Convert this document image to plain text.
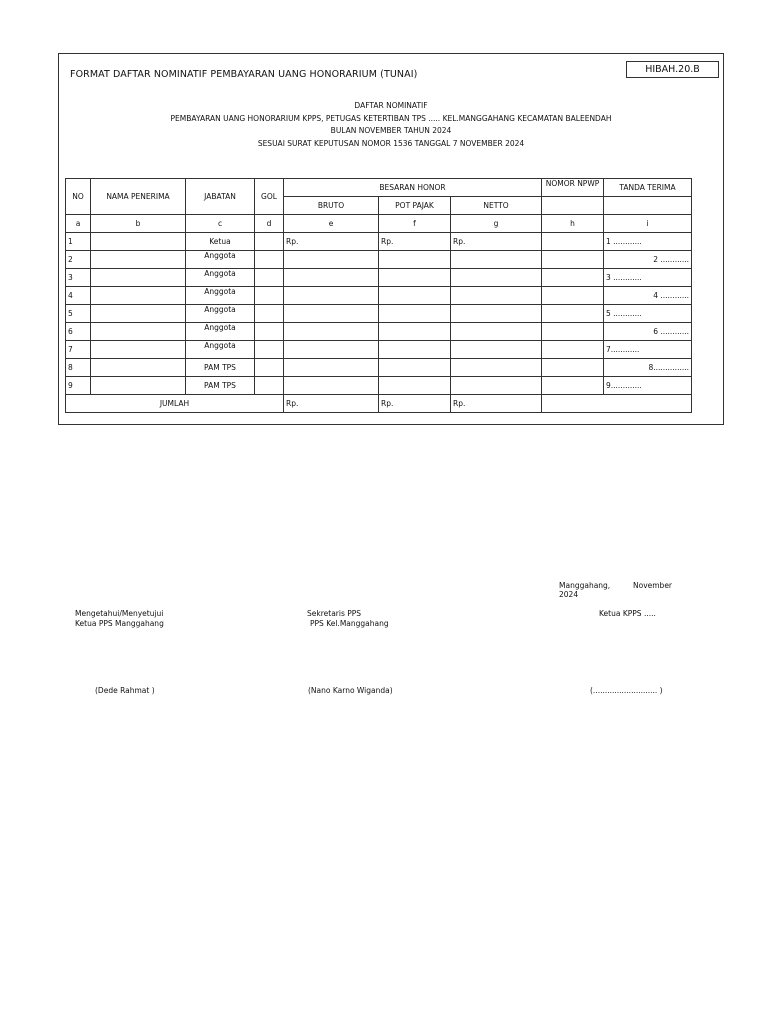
FORMAT DAFTAR NOMINATIF PEMBAYARAN UANG HONORARIUM (TUNAI)	HIBAH.20.B
DAFTAR NOMINATIF
PEMBAYARAN UANG HONORARIUM KPPS, PETUGAS KETERTIBAN TPS ..... KEL.MANGGAHANG KECAMATAN BALEENDAH
BULAN NOVEMBER TAHUN 2024
SESUAI SURAT KEPUTUSAN NOMOR 1536 TANGGAL 7 NOVEMBER 2024
NO	NAMA PENERIMA	JABATAN	GOL	BESARAN HONOR			NOMOR NPWP	TANDA TERIMA
				BRUTO	POT PAJAK	NETTO		
a	b	c	d	e	f	g	h	i
1		Ketua		Rp.	Rp.	Rp.		1 ............
2		Anggota						2 ............
3		Anggota						3 ............
4		Anggota						4 ............
5		Anggota						5 ............
6		Anggota						6 ............
7		Anggota						7............
8		PAM TPS						8...............
9		PAM TPS						9.............
JUMLAH				Rp.	Rp.	Rp.		
Manggahang,	November
2024
Mengetahui/Menyetujui
Ketua PPS Manggahang
Sekretaris PPS
PPS Kel.Manggahang
Ketua KPPS .....
(Dede Rahmat )	(Nano Karno Wiganda)	(........................... )
